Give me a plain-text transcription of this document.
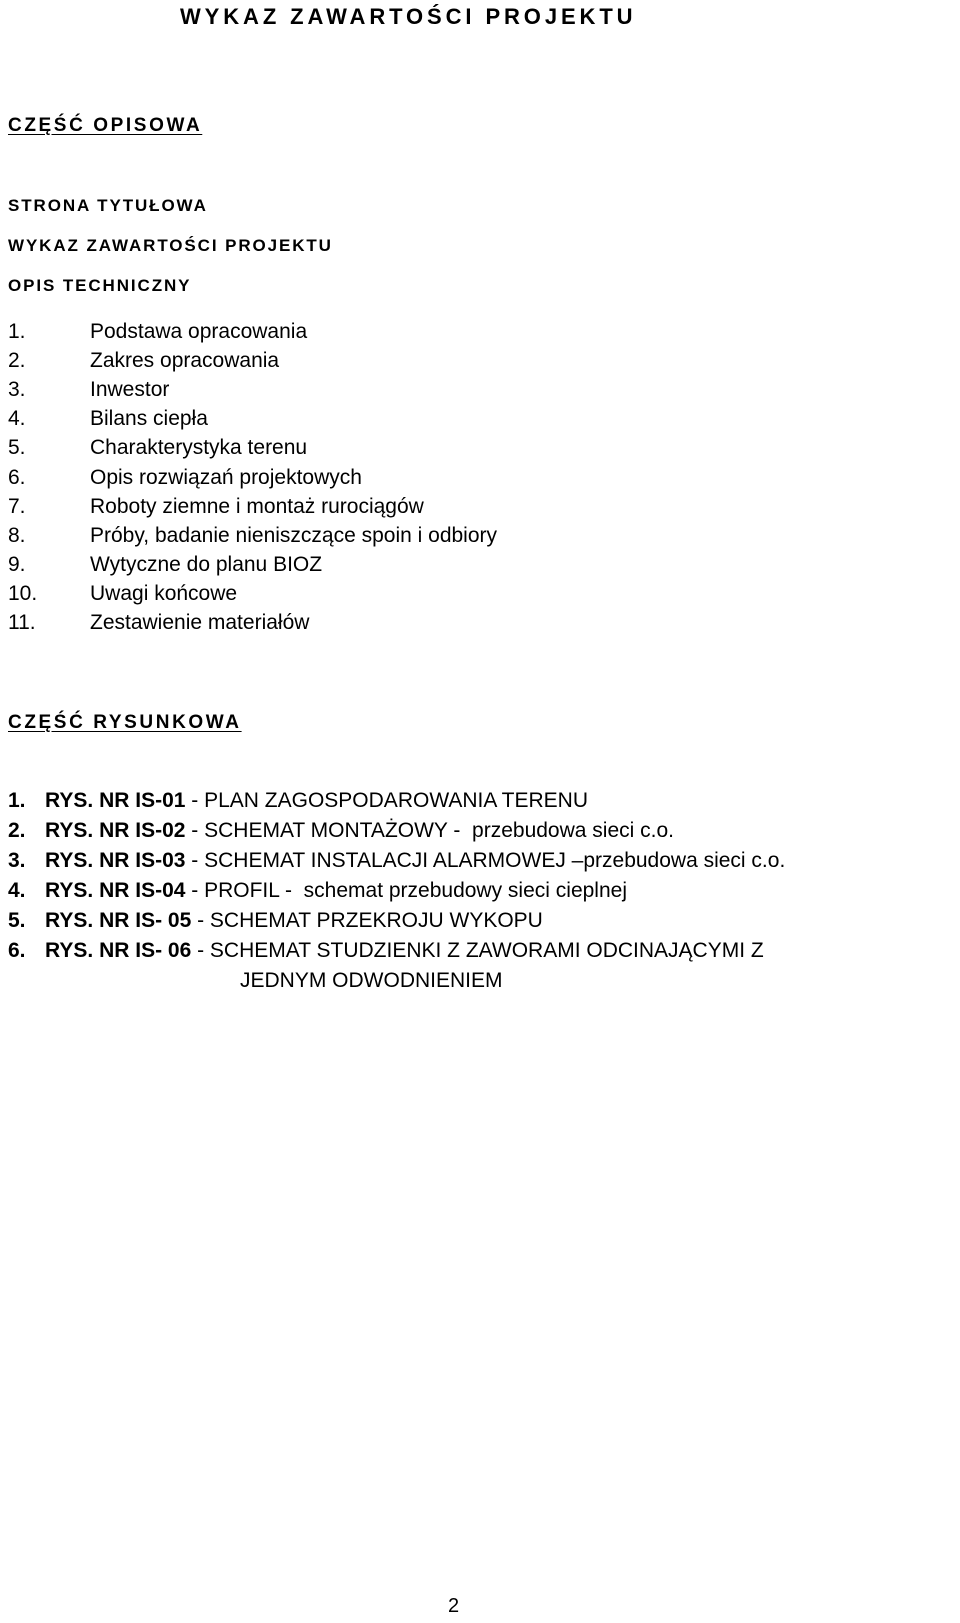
WYKAZ ZAWARTOŚCI PROJEKTU
CZĘŚĆ OPISOWA
STRONA TYTUŁOWA
WYKAZ ZAWARTOŚCI PROJEKTU
OPIS TECHNICZNY
1.	Podstawa opracowania
2.	Zakres opracowania
3.	Inwestor
4.	Bilans ciepła
5.	Charakterystyka terenu
6.	Opis rozwiązań projektowych
7.	Roboty ziemne i montaż rurociągów
8.	Próby, badanie nieniszczące spoin i odbiory
9.	Wytyczne do planu BIOZ
10.	Uwagi końcowe
11.	Zestawienie materiałów
CZĘŚĆ RYSUNKOWA
1. RYS. NR IS-01 - PLAN ZAGOSPODAROWANIA TERENU
2. RYS. NR IS-02 - SCHEMAT MONTAŻOWY -  przebudowa sieci c.o.
3. RYS. NR IS-03 - SCHEMAT INSTALACJI ALARMOWEJ –przebudowa sieci c.o.
4. RYS. NR IS-04 - PROFIL -  schemat przebudowy sieci cieplnej
5. RYS. NR IS- 05 - SCHEMAT PRZEKROJU WYKOPU
6. RYS. NR IS- 06 - SCHEMAT STUDZIENKI Z ZAWORAMI ODCINAJĄCYMI Z
JEDNYM ODWODNIENIEM
2
